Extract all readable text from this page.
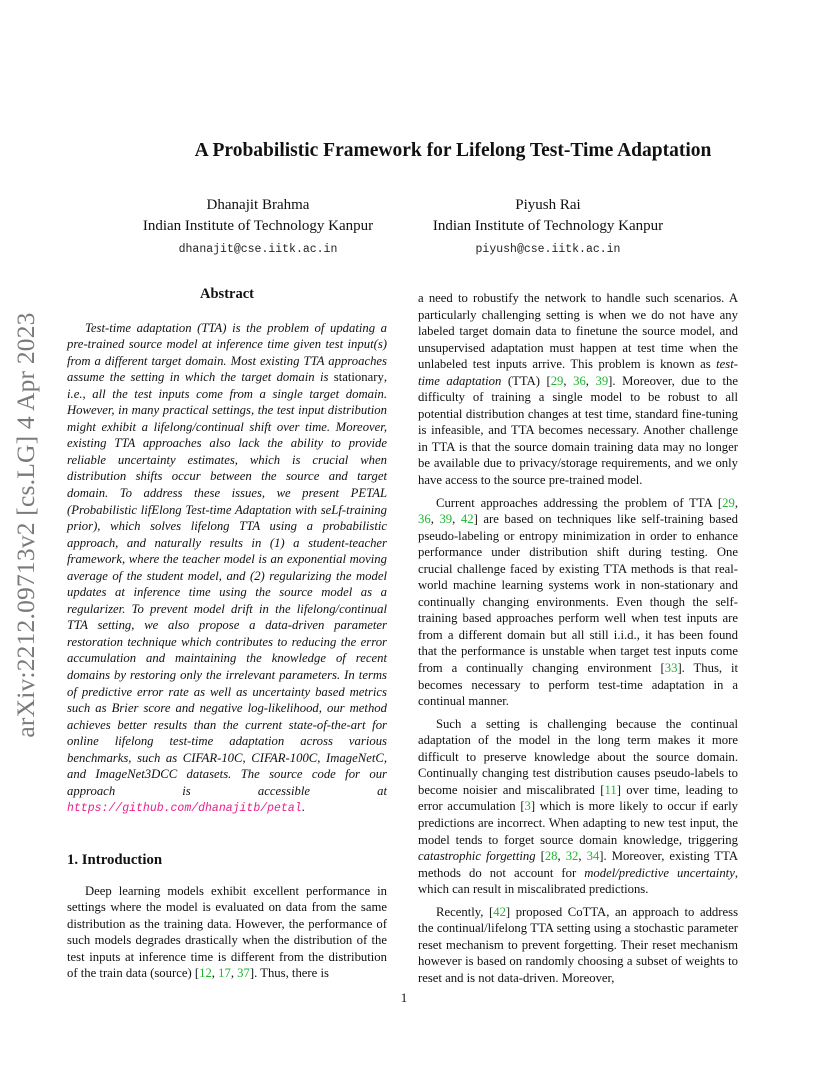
arXiv:2212.09713v2 [cs.LG] 4 Apr 2023
A Probabilistic Framework for Lifelong Test-Time Adaptation
Dhanajit Brahma
Indian Institute of Technology Kanpur
dhanajit@cse.iitk.ac.in
Piyush Rai
Indian Institute of Technology Kanpur
piyush@cse.iitk.ac.in
Abstract

Test-time adaptation (TTA) is the problem of updating a pre-trained source model at inference time given test input(s) from a different target domain. Most existing TTA approaches assume the setting in which the target domain is stationary, i.e., all the test inputs come from a single target domain. However, in many practical settings, the test input distribution might exhibit a lifelong/continual shift over time. Moreover, existing TTA approaches also lack the ability to provide reliable uncertainty estimates, which is crucial when distribution shifts occur between the source and target domain. To address these issues, we present PETAL (Probabilistic lifElong Test-time Adaptation with seLf-training prior), which solves lifelong TTA using a probabilistic approach, and naturally results in (1) a student-teacher framework, where the teacher model is an exponential moving average of the student model, and (2) regularizing the model updates at inference time using the source model as a regularizer. To prevent model drift in the lifelong/continual TTA setting, we also propose a data-driven parameter restoration technique which contributes to reducing the error accumulation and maintaining the knowledge of recent domains by restoring only the irrelevant parameters. In terms of predictive error rate as well as uncertainty based metrics such as Brier score and negative log-likelihood, our method achieves better results than the current state-of-the-art for online lifelong test-time adaptation across various benchmarks, such as CIFAR-10C, CIFAR-100C, ImageNetC, and ImageNet3DCC datasets. The source code for our approach is accessible at https://github.com/dhanajitb/petal.

1. Introduction

Deep learning models exhibit excellent performance in settings where the model is evaluated on data from the same distribution as the training data. However, the performance of such models degrades drastically when the distribution of the test inputs at inference time is different from the distribution of the train data (source) [12, 17, 37]. Thus, there is

a need to robustify the network to handle such scenarios. A particularly challenging setting is when we do not have any labeled target domain data to finetune the source model, and unsupervised adaptation must happen at test time when the unlabeled test inputs arrive. This problem is known as test-time adaptation (TTA) [29, 36, 39]. Moreover, due to the difficulty of training a single model to be robust to all potential distribution changes at test time, standard fine-tuning is infeasible, and TTA becomes necessary. Another challenge in TTA is that the source domain training data may no longer be available due to privacy/storage requirements, and we only have access to the source pre-trained model.

Current approaches addressing the problem of TTA [29, 36, 39, 42] are based on techniques like self-training based pseudo-labeling or entropy minimization in order to enhance performance under distribution shift during testing. One crucial challenge faced by existing TTA methods is that real-world machine learning systems work in non-stationary and continually changing environments. Even though the self-training based approaches perform well when test inputs are from a different domain but all still i.i.d., it has been found that the performance is unstable when target test inputs come from a continually changing environment [33]. Thus, it becomes necessary to perform test-time adaptation in a continual manner.

Such a setting is challenging because the continual adaptation of the model in the long term makes it more difficult to preserve knowledge about the source domain. Continually changing test distribution causes pseudo-labels to become noisier and miscalibrated [11] over time, leading to error accumulation [3] which is more likely to occur if early predictions are incorrect. When adapting to new test input, the model tends to forget source domain knowledge, triggering catastrophic forgetting [28, 32, 34]. Moreover, existing TTA methods do not account for model/predictive uncertainty, which can result in miscalibrated predictions.

Recently, [42] proposed CoTTA, an approach to address the continual/lifelong TTA setting using a stochastic parameter reset mechanism to prevent forgetting. Their reset mechanism however is based on randomly choosing a subset of weights to reset and is not data-driven. Moreover,

1
